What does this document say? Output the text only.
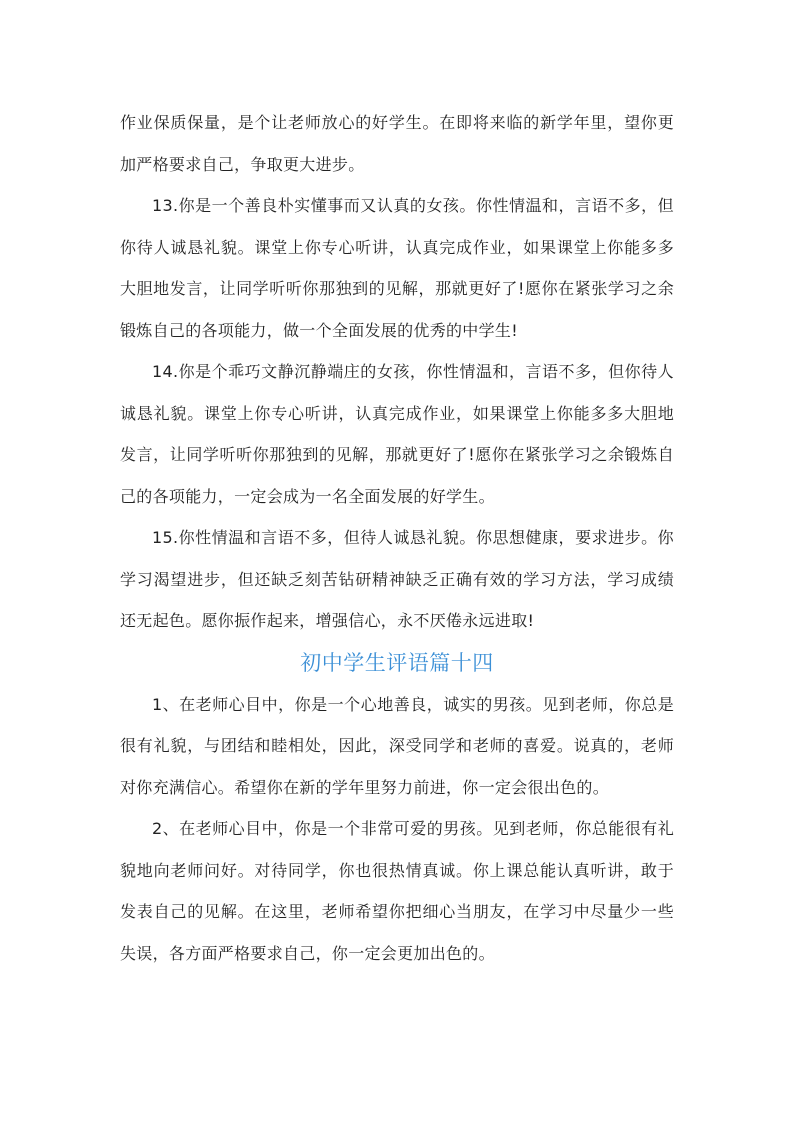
作业保质保量，是个让老师放心的好学生。在即将来临的新学年里，望你更加严格要求自己，争取更大进步。

13.你是一个善良朴实懂事而又认真的女孩。你性情温和，言语不多，但你待人诚恳礼貌。课堂上你专心听讲，认真完成作业，如果课堂上你能多多大胆地发言，让同学听听你那独到的见解，那就更好了!愿你在紧张学习之余锻炼自己的各项能力，做一个全面发展的优秀的中学生!

14.你是个乖巧文静沉静端庄的女孩，你性情温和，言语不多，但你待人诚恳礼貌。课堂上你专心听讲，认真完成作业，如果课堂上你能多多大胆地发言，让同学听听你那独到的见解，那就更好了!愿你在紧张学习之余锻炼自己的各项能力，一定会成为一名全面发展的好学生。

15.你性情温和言语不多，但待人诚恳礼貌。你思想健康，要求进步。你学习渴望进步，但还缺乏刻苦钻研精神缺乏正确有效的学习方法，学习成绩还无起色。愿你振作起来，增强信心，永不厌倦永远进取!

初中学生评语篇十四

1、在老师心目中，你是一个心地善良，诚实的男孩。见到老师，你总是很有礼貌，与团结和睦相处，因此，深受同学和老师的喜爱。说真的，老师对你充满信心。希望你在新的学年里努力前进，你一定会很出色的。

2、在老师心目中，你是一个非常可爱的男孩。见到老师，你总能很有礼貌地向老师问好。对待同学，你也很热情真诚。你上课总能认真听讲，敢于发表自己的见解。在这里，老师希望你把细心当朋友，在学习中尽量少一些失误，各方面严格要求自己，你一定会更加出色的。
